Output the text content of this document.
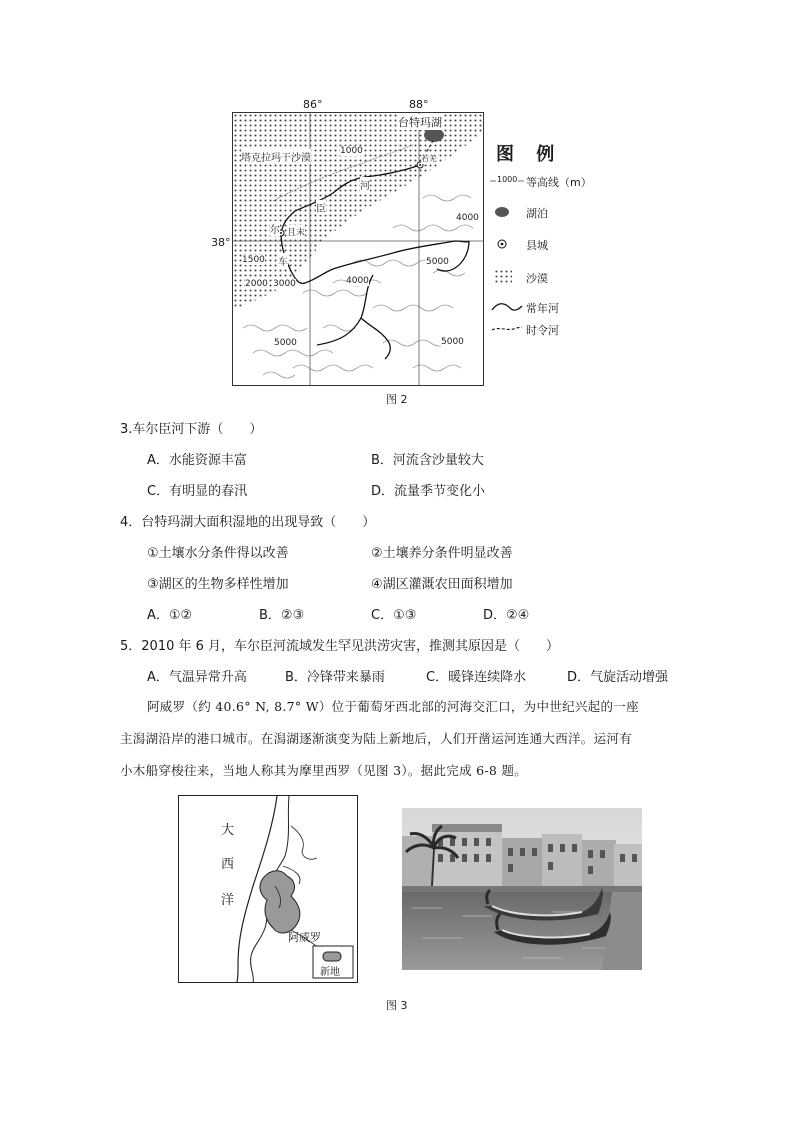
86°	88°
38°
台特玛湖
塔克拉玛干沙漠	若羌
且末
河
臣
尔
车
1000
1500
2000 3000
4000
4000
5000
5000	5000
图 例
1000 等高线（m）
湖泊
县城
沙漠
常年河
时令河
图 2
3.车尔臣河下游（　　）
A．水能资源丰富	B．河流含沙量较大
C．有明显的春汛	D．流量季节变化小
4．台特玛湖大面积湿地的出现导致（　　）
①土壤水分条件得以改善	②土壤养分条件明显改善
③湖区的生物多样性增加	④湖区灌溉农田面积增加
A．①②	B．②③	C．①③	D．②④
5．2010 年 6 月，车尔臣河流域发生罕见洪涝灾害，推测其原因是（　　）
A．气温异常升高	B．冷锋带来暴雨	C．暖锋连续降水	D．气旋活动增强
阿威罗（约 40.6° N, 8.7° W）位于葡萄牙西北部的河海交汇口，为中世纪兴起的一座
主潟湖沿岸的港口城市。在潟湖逐渐演变为陆上新地后，人们开凿运河连通大西洋。运河有
小木船穿梭往来，当地人称其为摩里西罗（见图 3）。据此完成 6-8 题。
大
西
洋
阿威罗
新地
图 3
